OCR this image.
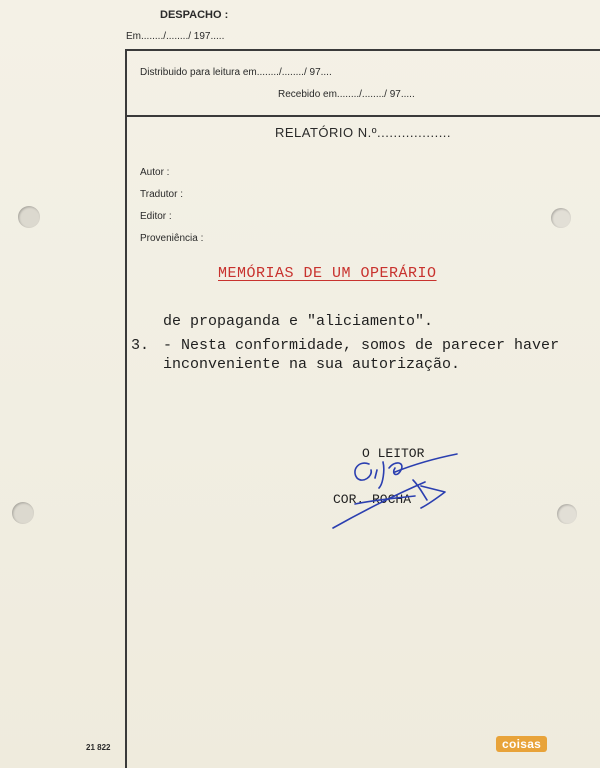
DESPACHO :
Em......../......../ 197.....
Distribuido para leitura em......../......../ 97....
Recebido em......../......../ 97.....
RELATÓRIO N.º..................
Autor :
Tradutor :
Editor :
Proveniência :
MEMÓRIAS DE UM OPERÁRIO
de propaganda e "aliciamento".
3. - Nesta conformidade, somos de parecer haver
inconveniente na sua autorização.
O LEITOR
COR. ROCHA
21 822	coisas
